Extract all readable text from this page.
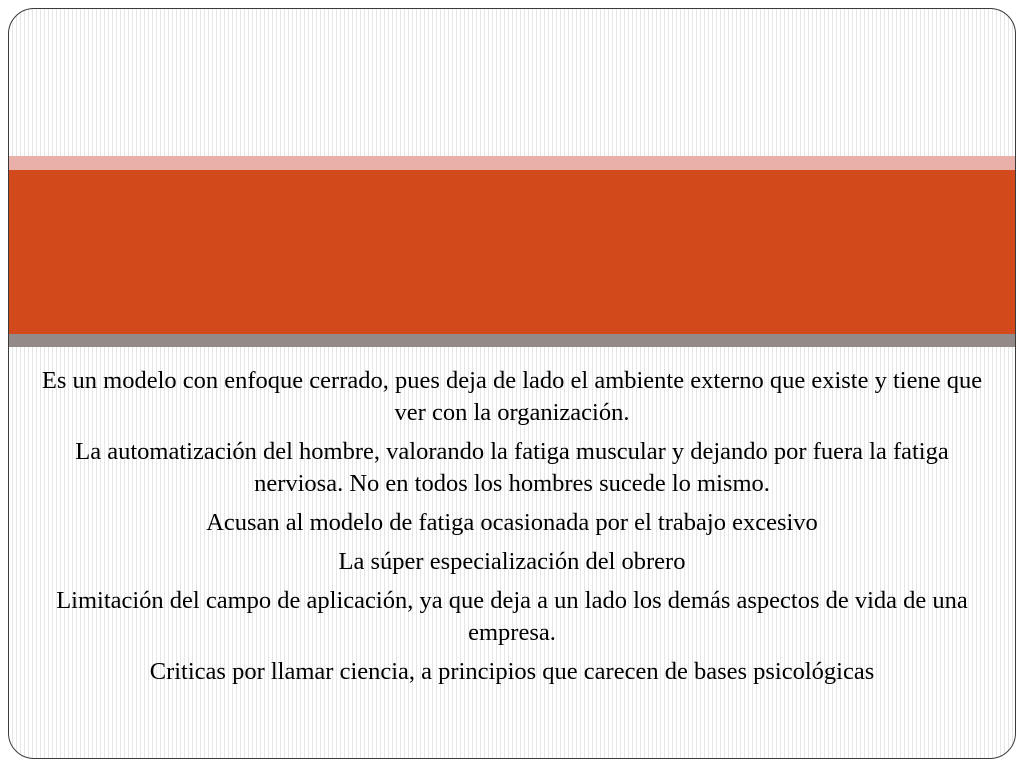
Es un modelo con enfoque cerrado, pues deja de lado el ambiente externo que existe y tiene que ver con la organización.

La automatización del hombre, valorando la fatiga muscular y dejando por fuera la fatiga nerviosa. No en todos los hombres sucede lo mismo.

Acusan al modelo de fatiga ocasionada por el trabajo excesivo

La súper especialización del obrero

Limitación del campo de aplicación, ya que deja a un lado los demás aspectos de vida de una empresa.

Criticas por llamar ciencia, a principios que carecen de bases psicológicas
